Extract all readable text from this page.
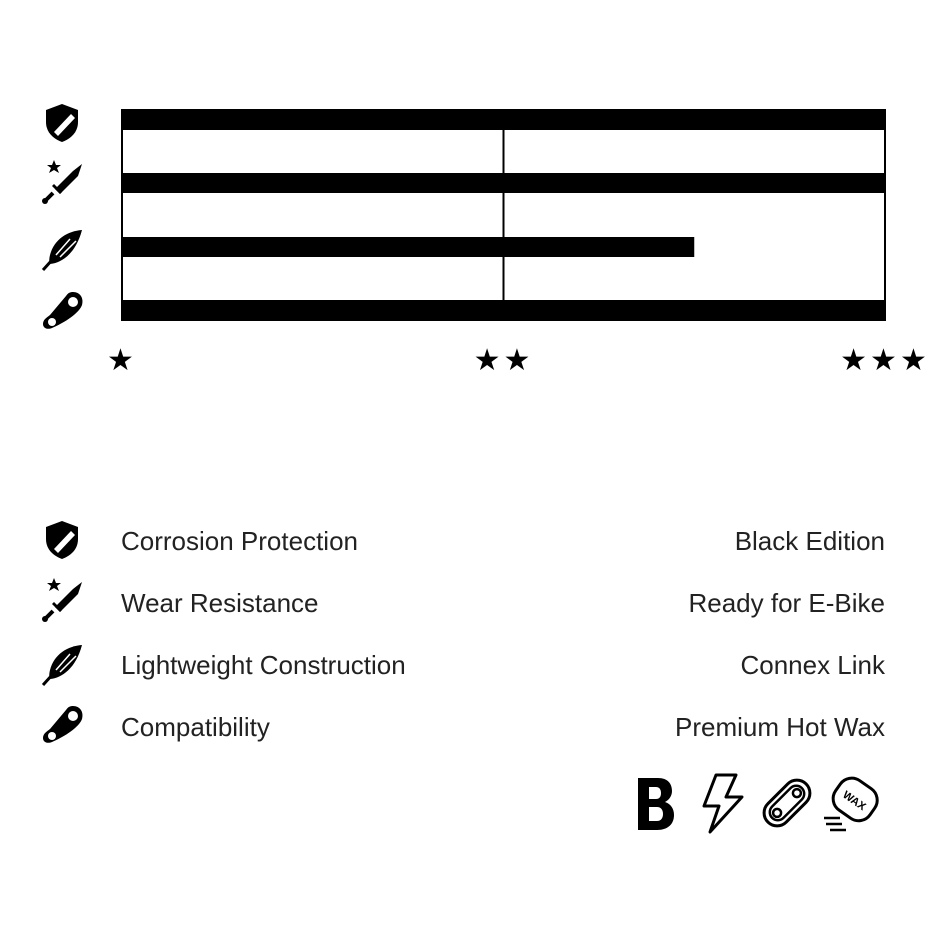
★	★★	★★★
Corrosion Protection	Black Edition
Wear Resistance	Ready for E-Bike
Lightweight Construction	Connex Link
Compatibility	Premium Hot Wax
WAX
